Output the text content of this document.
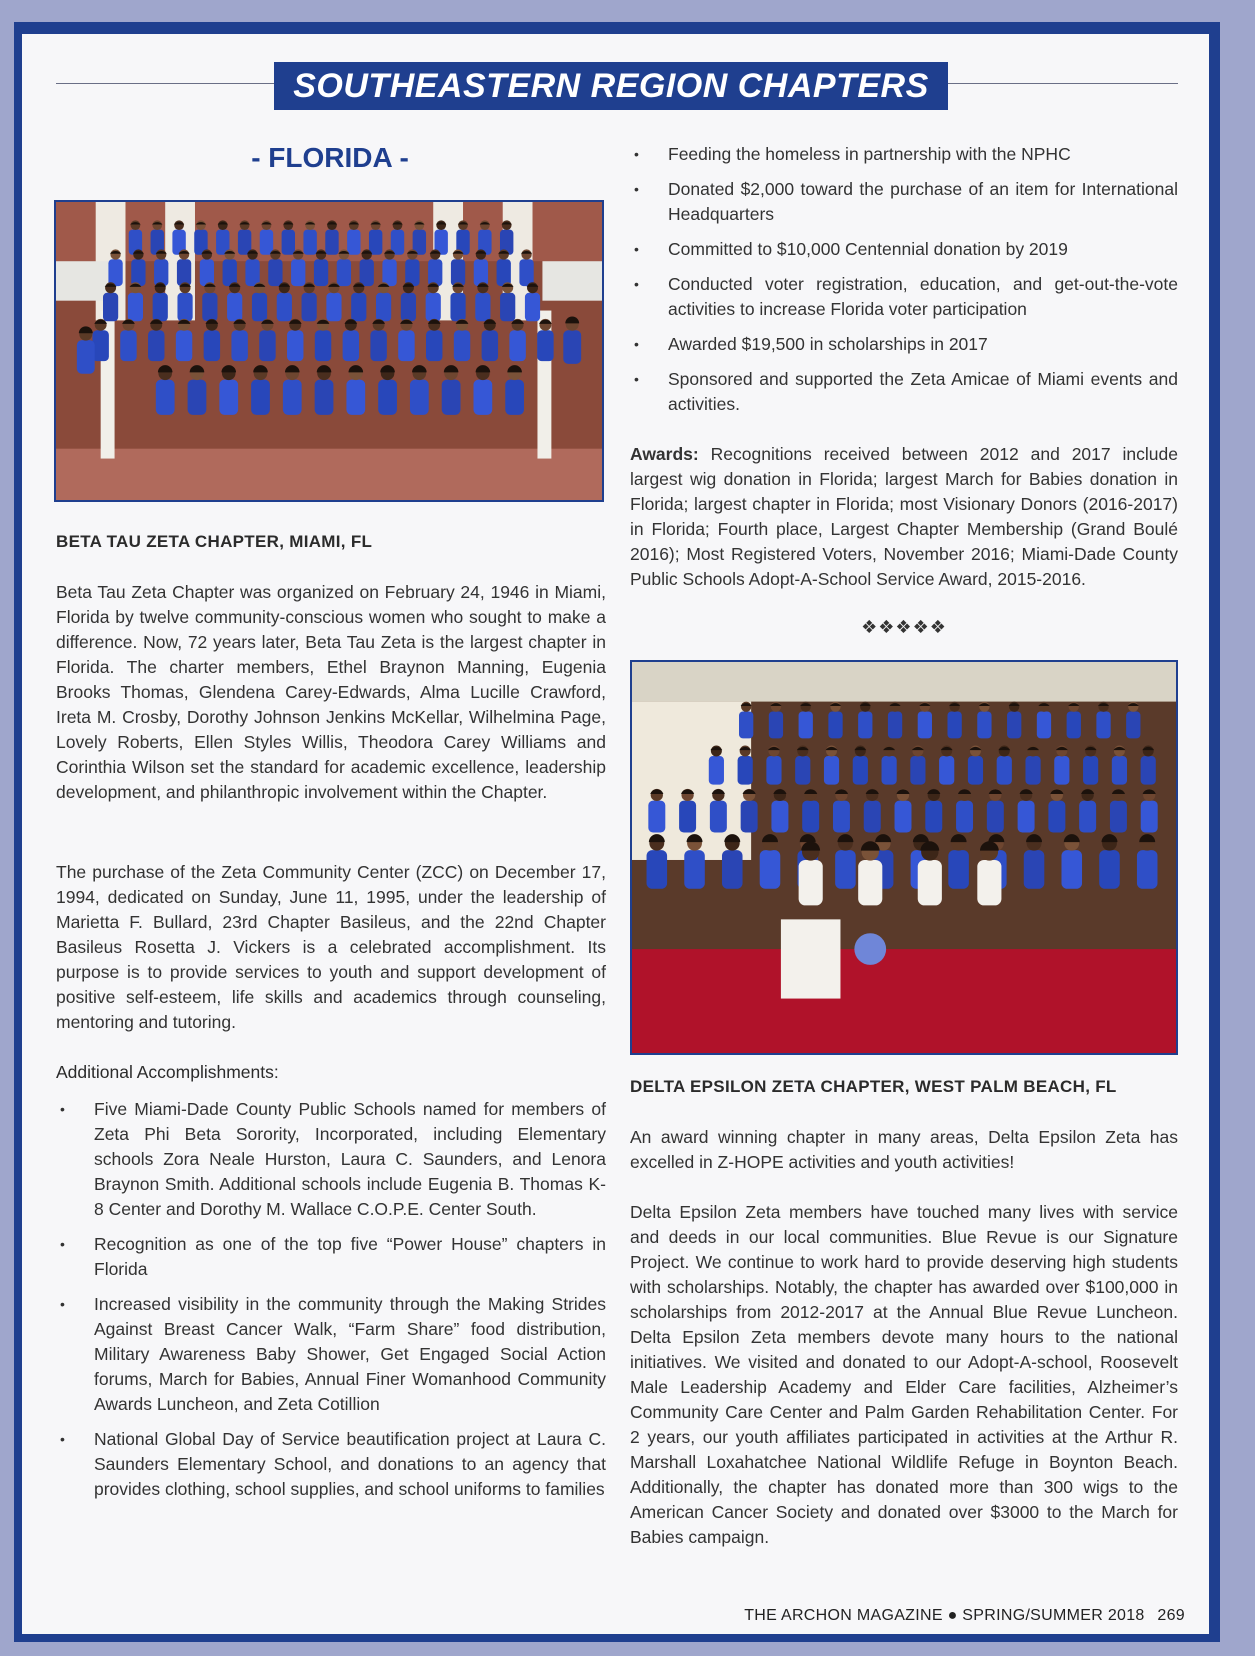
SOUTHEASTERN REGION CHAPTERS
- FLORIDA -
BETA TAU ZETA CHAPTER, MIAMI, FL

Beta Tau Zeta Chapter was organized on February 24, 1946 in Miami, Florida by twelve community-conscious women who sought to make a difference. Now, 72 years later, Beta Tau Zeta is the largest chapter in Florida. The charter members, Ethel Braynon Manning, Eugenia Brooks Thomas, Glendena Carey-Edwards, Alma Lucille Crawford, Ireta M. Crosby, Dorothy Johnson Jenkins McKellar, Wilhelmina Page, Lovely Roberts, Ellen Styles Willis, Theodora Carey Williams and Corinthia Wilson set the standard for academic excellence, leadership development, and philanthropic involvement within the Chapter.

The purchase of the Zeta Community Center (ZCC) on December 17, 1994, dedicated on Sunday, June 11, 1995, under the leadership of Marietta F. Bullard, 23rd Chapter Basileus, and the 22nd Chapter Basileus Rosetta J. Vickers is a celebrated accomplishment. Its purpose is to provide services to youth and support development of positive self-esteem, life skills and academics through counseling, mentoring and tutoring.

Additional Accomplishments:
• Five Miami-Dade County Public Schools named for members of Zeta Phi Beta Sorority, Incorporated, including Elementary schools Zora Neale Hurston, Laura C. Saunders, and Lenora Braynon Smith. Additional schools include Eugenia B. Thomas K-8 Center and Dorothy M. Wallace C.O.P.E. Center South.
• Recognition as one of the top five “Power House” chapters in Florida
• Increased visibility in the community through the Making Strides Against Breast Cancer Walk, “Farm Share” food distribution, Military Awareness Baby Shower, Get Engaged Social Action forums, March for Babies, Annual Finer Womanhood Community Awards Luncheon, and Zeta Cotillion
• National Global Day of Service beautification project at Laura C. Saunders Elementary School, and donations to an agency that provides clothing, school supplies, and school uniforms to families
• Feeding the homeless in partnership with the NPHC
• Donated $2,000 toward the purchase of an item for International Headquarters
• Committed to $10,000 Centennial donation by 2019
• Conducted voter registration, education, and get-out-the-vote activities to increase Florida voter participation
• Awarded $19,500 in scholarships in 2017
• Sponsored and supported the Zeta Amicae of Miami events and activities.

Awards: Recognitions received between 2012 and 2017 include largest wig donation in Florida; largest March for Babies donation in Florida; largest chapter in Florida; most Visionary Donors (2016-2017) in Florida; Fourth place, Largest Chapter Membership (Grand Boulé 2016); Most Registered Voters, November 2016; Miami-Dade County Public Schools Adopt-A-School Service Award, 2015-2016.

❖❖❖❖❖
DELTA EPSILON ZETA CHAPTER, WEST PALM BEACH, FL

An award winning chapter in many areas, Delta Epsilon Zeta has excelled in Z-HOPE activities and youth activities!

Delta Epsilon Zeta members have touched many lives with service and deeds in our local communities. Blue Revue is our Signature Project. We continue to work hard to provide deserving high students with scholarships. Notably, the chapter has awarded over $100,000 in scholarships from 2012-2017 at the Annual Blue Revue Luncheon. Delta Epsilon Zeta members devote many hours to the national initiatives. We visited and donated to our Adopt-A-school, Roosevelt Male Leadership Academy and Elder Care facilities, Alzheimer’s Community Care Center and Palm Garden Rehabilitation Center. For 2 years, our youth affiliates participated in activities at the Arthur R. Marshall Loxahatchee National Wildlife Refuge in Boynton Beach. Additionally, the chapter has donated more than 300 wigs to the American Cancer Society and donated over $3000 to the March for Babies campaign.

THE ARCHON MAGAZINE ● SPRING/SUMMER 2018 269
